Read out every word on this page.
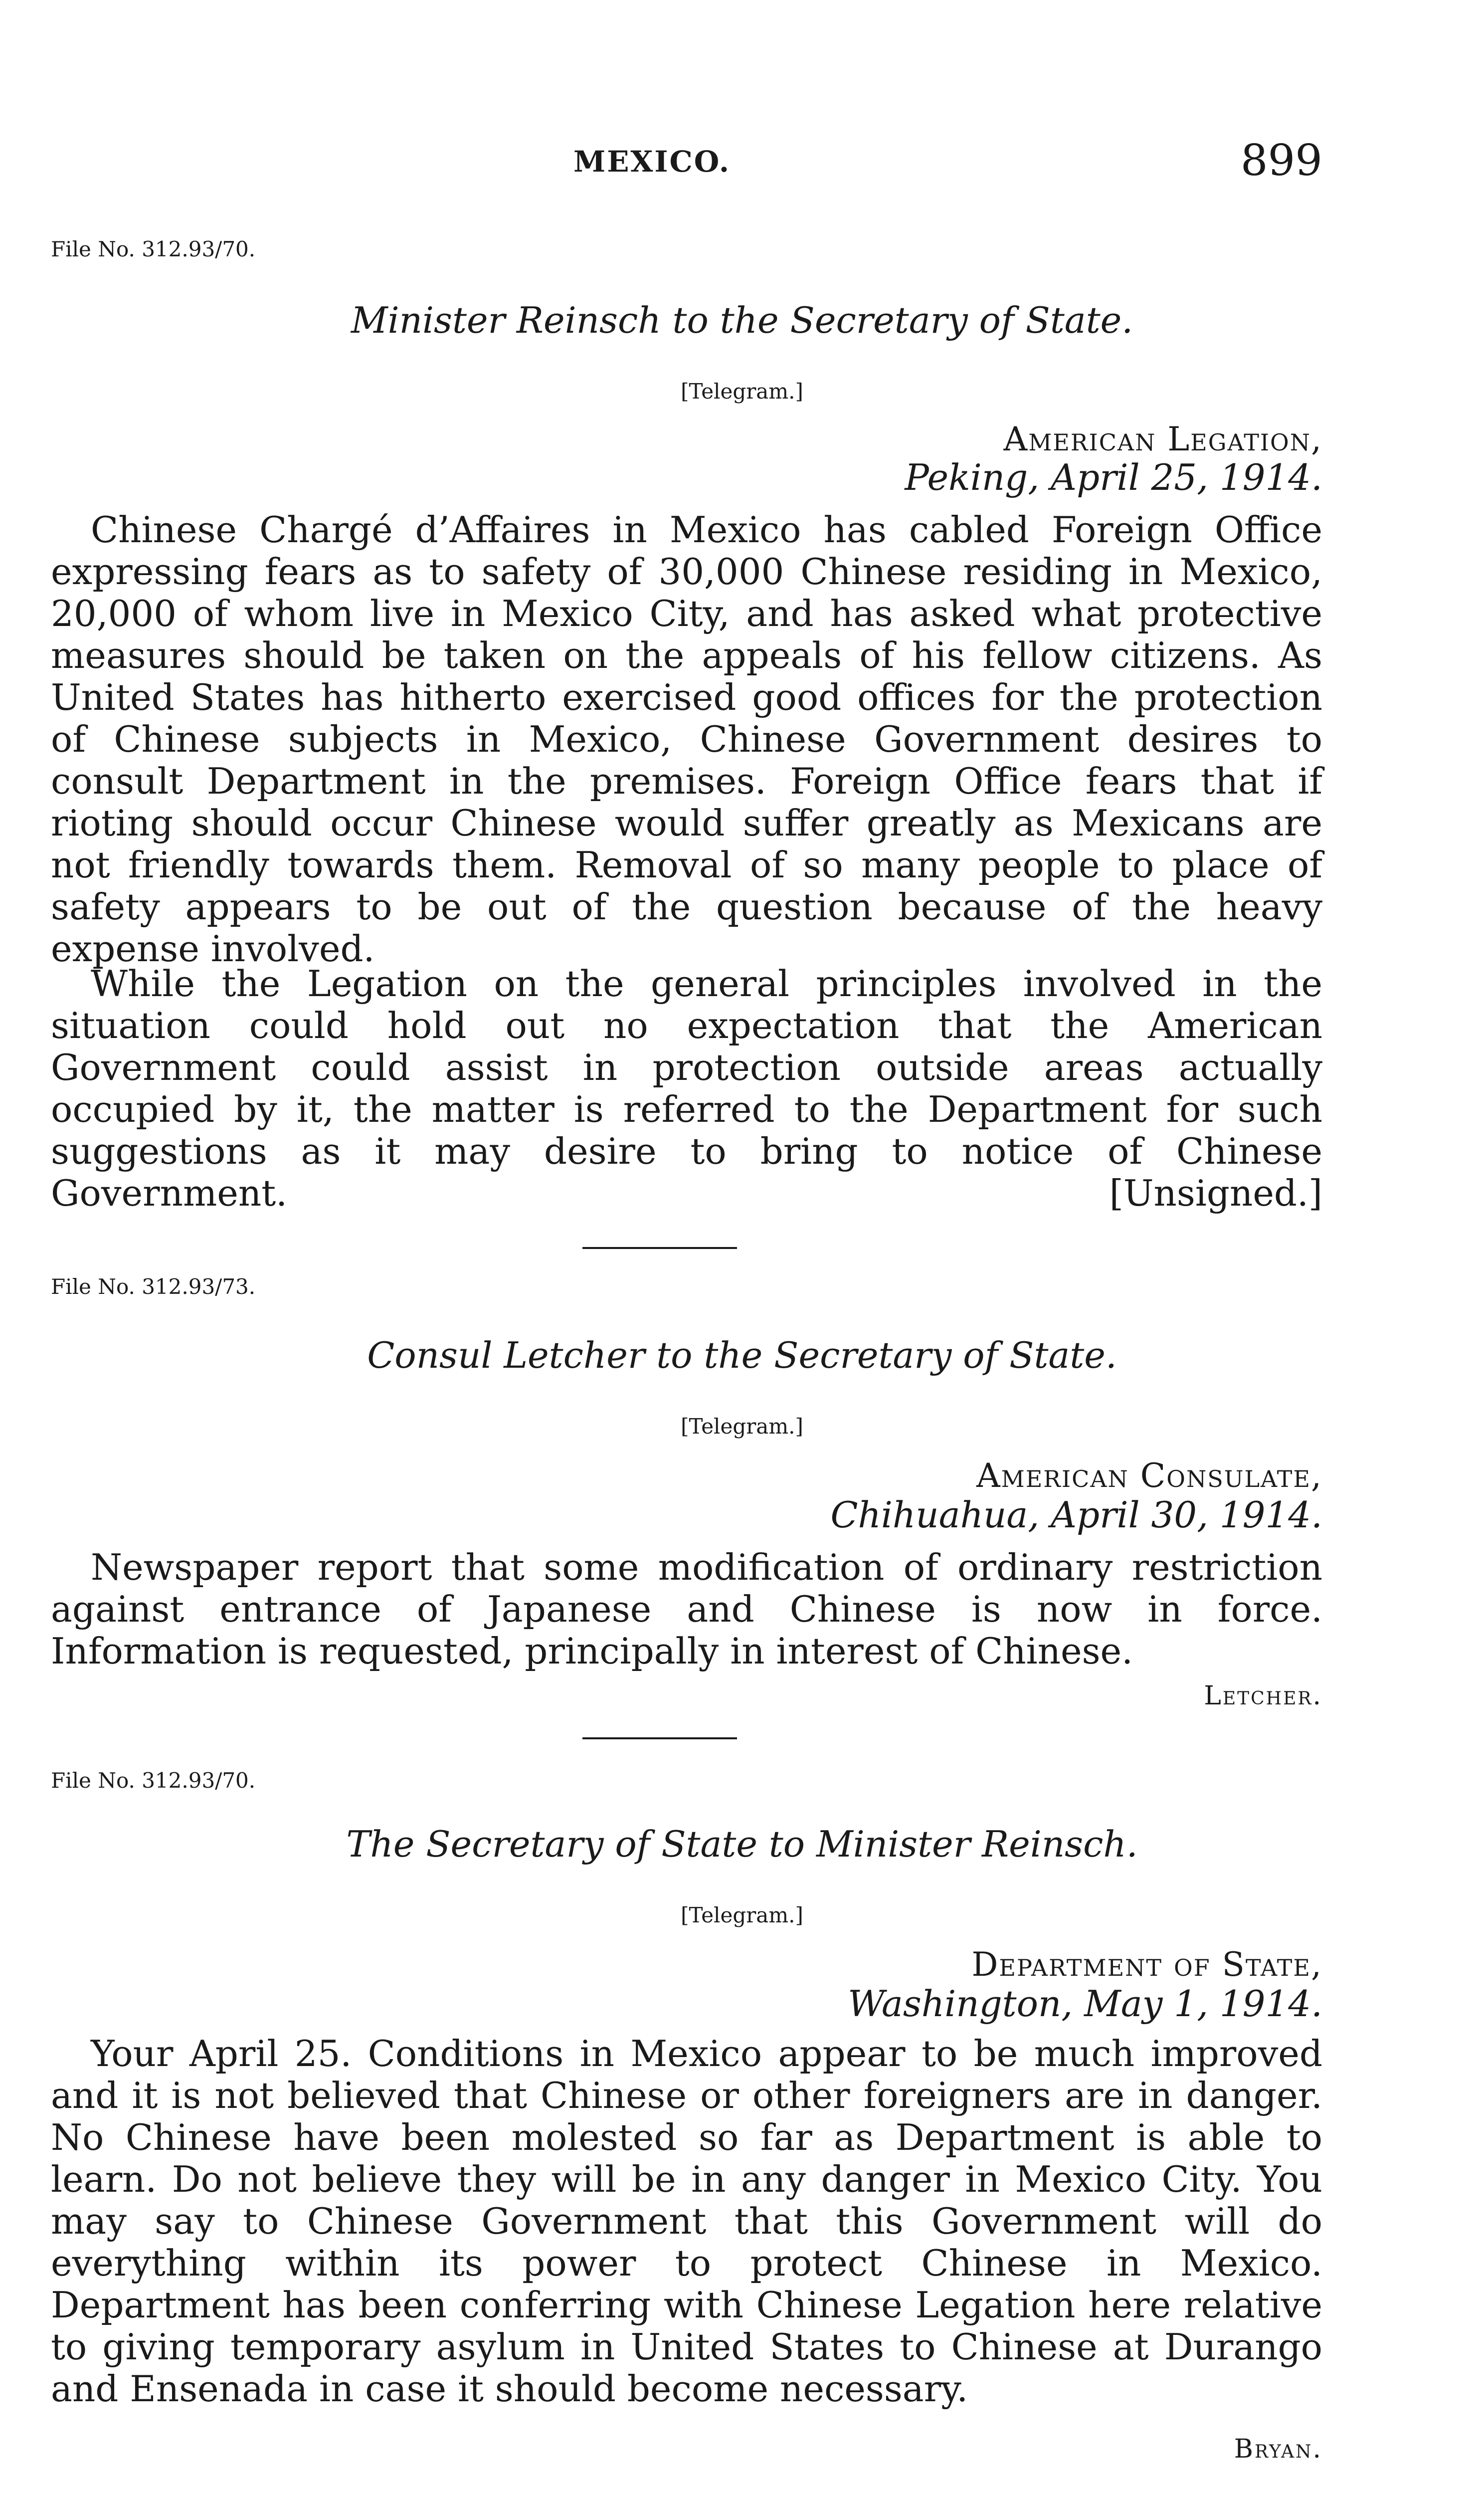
MEXICO.	899
File No. 312.93/70.
Minister Reinsch to the Secretary of State.
[Telegram.]
American Legation,
Peking, April 25, 1914.

Chinese Chargé d’Affaires in Mexico has cabled Foreign Office expressing fears as to safety of 30,000 Chinese residing in Mexico, 20,000 of whom live in Mexico City, and has asked what protective measures should be taken on the appeals of his fellow citizens. As United States has hitherto exercised good offices for the protection of Chinese subjects in Mexico, Chinese Government desires to consult Department in the premises. Foreign Office fears that if rioting should occur Chinese would suffer greatly as Mexicans are not friendly towards them. Removal of so many people to place of safety appears to be out of the question because of the heavy expense involved.

While the Legation on the general principles involved in the situation could hold out no expectation that the American Government could assist in protection outside areas actually occupied by it, the matter is referred to the Department for such suggestions as it may desire to bring to notice of Chinese Government.	[Unsigned.]
File No. 312.93/73.
Consul Letcher to the Secretary of State.
[Telegram.]
American Consulate,
Chihuahua, April 30, 1914.

Newspaper report that some modification of ordinary restriction against entrance of Japanese and Chinese is now in force. Information is requested, principally in interest of Chinese.

Letcher.
File No. 312.93/70.
The Secretary of State to Minister Reinsch.
[Telegram.]
Department of State,
Washington, May 1, 1914.

Your April 25. Conditions in Mexico appear to be much improved and it is not believed that Chinese or other foreigners are in danger. No Chinese have been molested so far as Department is able to learn. Do not believe they will be in any danger in Mexico City. You may say to Chinese Government that this Government will do everything within its power to protect Chinese in Mexico. Department has been conferring with Chinese Legation here relative to giving temporary asylum in United States to Chinese at Durango and Ensenada in case it should become necessary.

Bryan.
